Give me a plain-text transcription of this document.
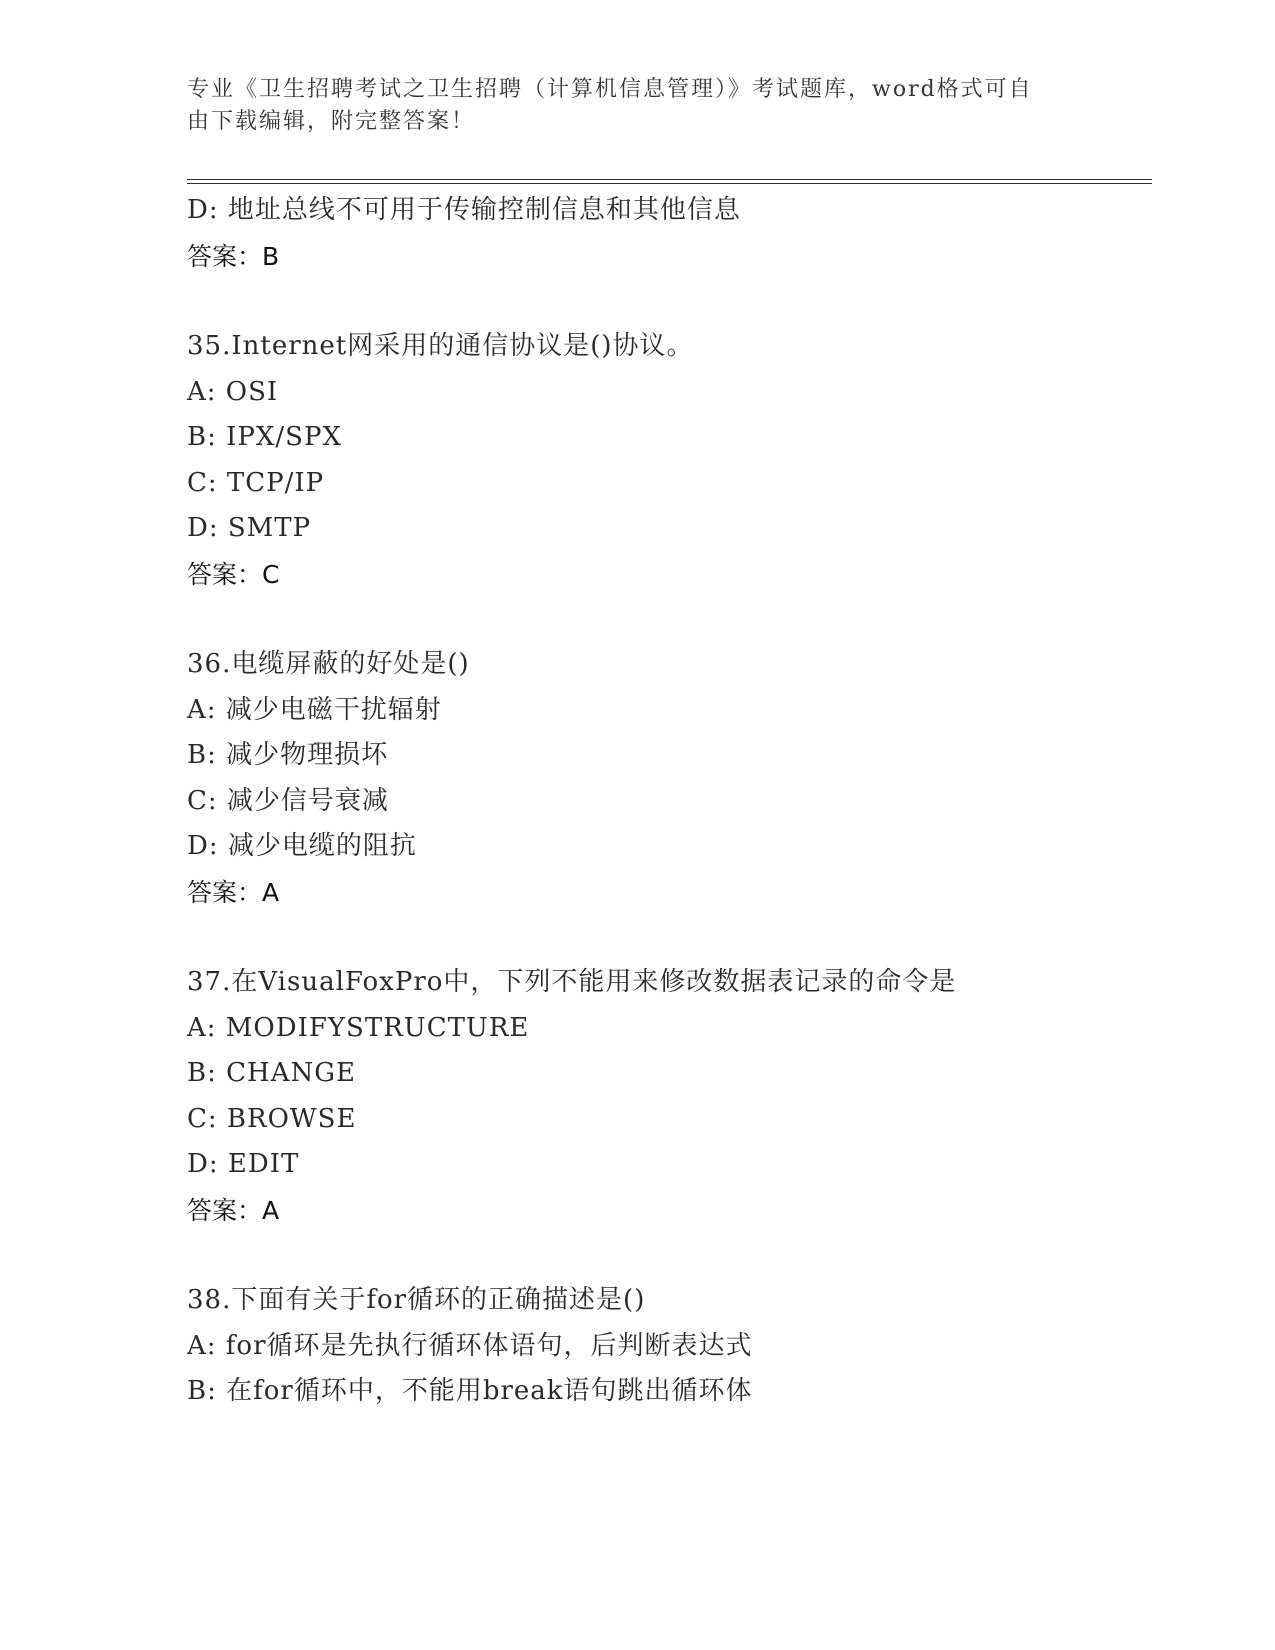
专业《卫生招聘考试之卫生招聘（计算机信息管理）》考试题库，word格式可自
由下载编辑，附完整答案！
D: 地址总线不可用于传输控制信息和其他信息
答案：B
35.Internet网采用的通信协议是()协议。
A: OSI
B: IPX/SPX
C: TCP/IP
D: SMTP
答案：C
36.电缆屏蔽的好处是()
A: 减少电磁干扰辐射
B: 减少物理损坏
C: 减少信号衰减
D: 减少电缆的阻抗
答案：A
37.在VisualFoxPro中，下列不能用来修改数据表记录的命令是
A: MODIFYSTRUCTURE
B: CHANGE
C: BROWSE
D: EDIT
答案：A
38.下面有关于for循环的正确描述是()
A: for循环是先执行循环体语句，后判断表达式
B: 在for循环中，不能用break语句跳出循环体
